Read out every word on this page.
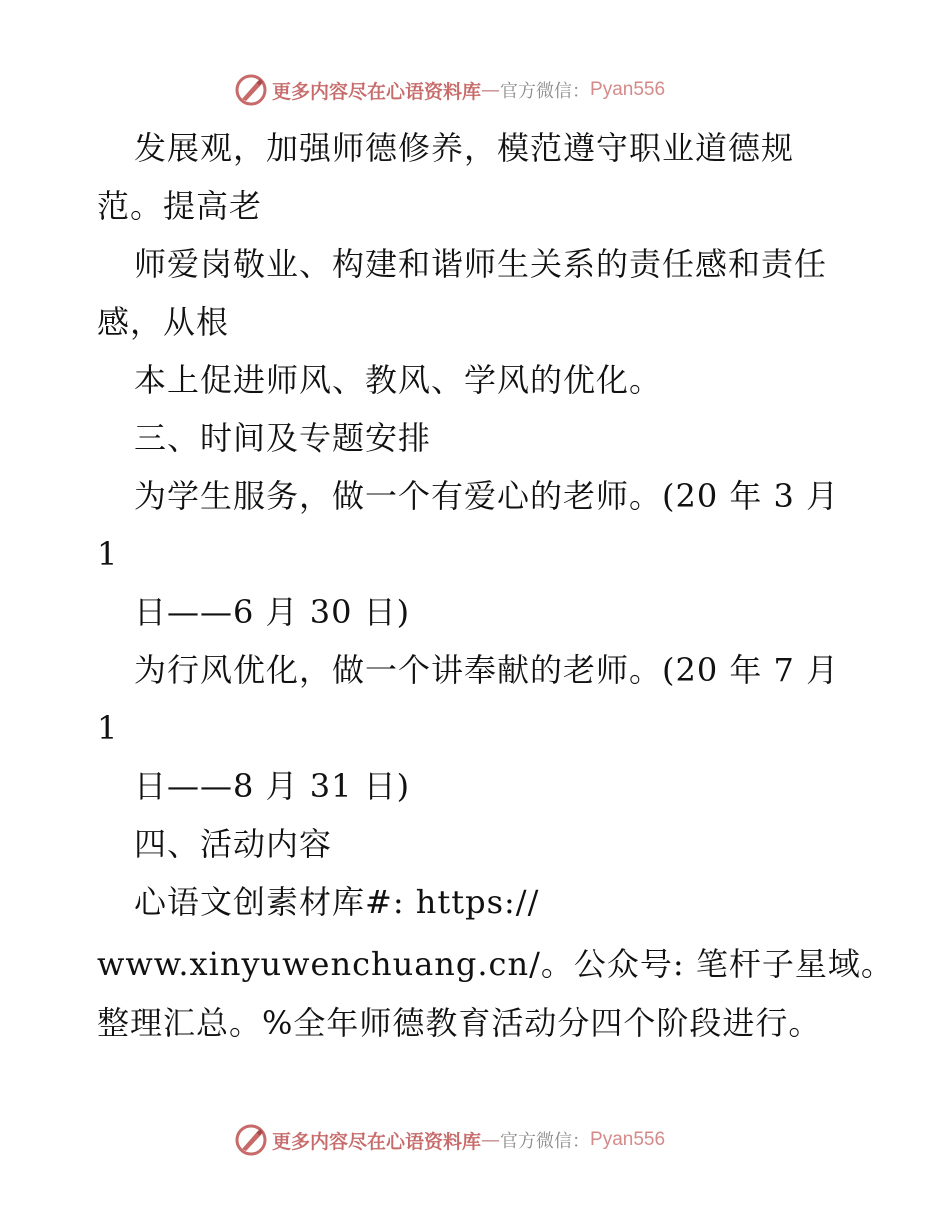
更多内容尽在心语资料库 — 官方微信： Pyan556
发展观，加强师德修养，模范遵守职业道德规
范。提高老
师爱岗敬业、构建和谐师生关系的责任感和责任
感，从根
本上促进师风、教风、学风的优化。
三、时间及专题安排
为学生服务，做一个有爱心的老师。(20 年 3 月
1
日——6 月 30 日)
为行风优化，做一个讲奉献的老师。(20 年 7 月
1
日——8 月 31 日)
四、活动内容
心语文创素材库#: https://
www.xinyuwenchuang.cn/。公众号: 笔杆子星域。
整理汇总。%全年师德教育活动分四个阶段进行。
更多内容尽在心语资料库 — 官方微信： Pyan556
